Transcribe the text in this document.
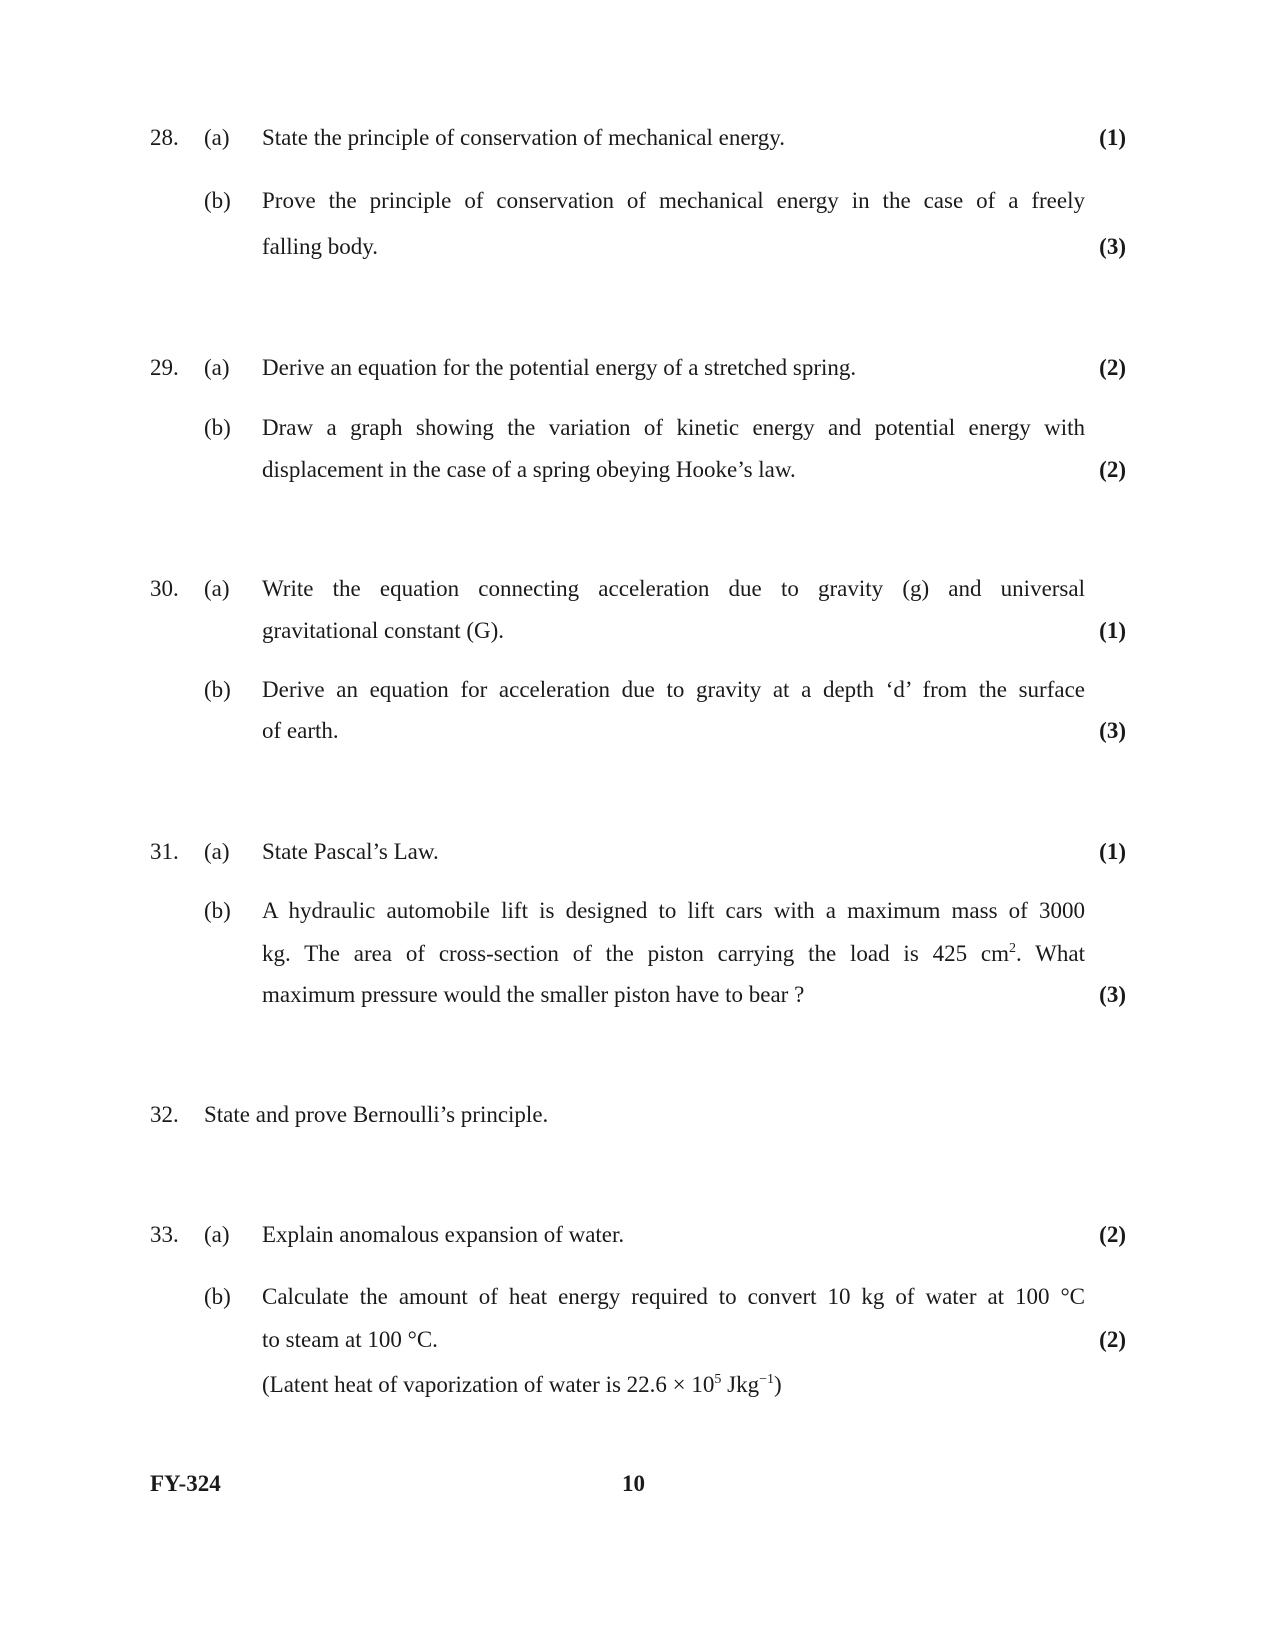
28. (a) State the principle of conservation of mechanical energy.	(1)
(b) Prove the principle of conservation of mechanical energy in the case of a freely
falling body.	(3)
29. (a) Derive an equation for the potential energy of a stretched spring.	(2)
(b) Draw a graph showing the variation of kinetic energy and potential energy with
displacement in the case of a spring obeying Hooke’s law.	(2)
30. (a) Write the equation connecting acceleration due to gravity (g) and universal
gravitational constant (G).	(1)
(b) Derive an equation for acceleration due to gravity at a depth ‘d’ from the surface
of earth.	(3)
31. (a) State Pascal’s Law.	(1)
(b) A hydraulic automobile lift is designed to lift cars with a maximum mass of 3000
kg. The area of cross-section of the piston carrying the load is 425 $cm^2$. What
maximum pressure would the smaller piston have to bear ?	(3)
32. State and prove Bernoulli’s principle.
33. (a) Explain anomalous expansion of water.	(2)
(b) Calculate the amount of heat energy required to convert 10 kg of water at 100 °C
to steam at 100 °C.	(2)
(Latent heat of vaporization of water is $22.6 \times 10^5$ Jkg$^{-1}$)
FY-324	10
